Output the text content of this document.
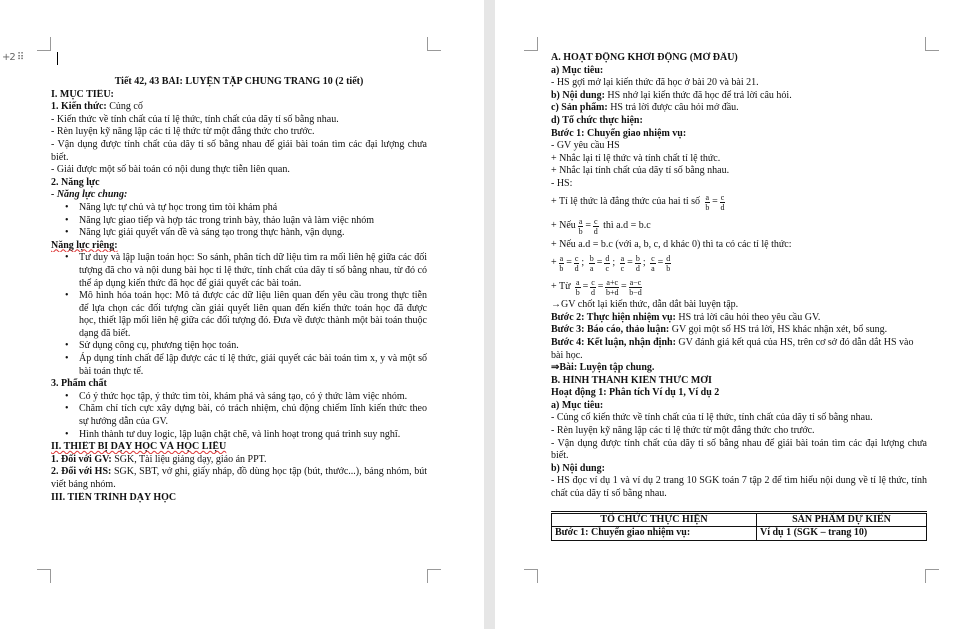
+2 ⠿
Tiết 42, 43 BÀI: LUYỆN TẬP CHUNG TRANG 10 (2 tiết)
I. MỤC TIÊU:
1. Kiến thức: Củng cố
- Kiến thức về tính chất của tỉ lệ thức, tính chất của dãy tỉ số bằng nhau.
- Rèn luyện kỹ năng lập các tỉ lệ thức từ một đẳng thức cho trước.
- Vận dụng được tính chất của dãy tỉ số bằng nhau để giải bài toán tìm các đại lượng chưa biết.
- Giải được một số bài toán có nội dung thực tiễn liên quan.
2. Năng lực
- Năng lực chung:
• Năng lực tự chủ và tự học trong tìm tòi khám phá
• Năng lực giao tiếp và hợp tác trong trình bày, thảo luận và làm việc nhóm
• Năng lực giải quyết vấn đề và sáng tạo trong thực hành, vận dụng.
Năng lực riêng:
• Tư duy và lập luận toán học: So sánh, phân tích dữ liệu tìm ra mối liên hệ giữa các đối tượng đã cho và nội dung bài học tỉ lệ thức, tính chất của dãy tỉ số bằng nhau, từ đó có thể áp dụng kiến thức đã học để giải quyết các bài toán.
• Mô hình hóa toán học: Mô tả được các dữ liệu liên quan đến yêu cầu trong thực tiễn để lựa chọn các đối tượng cần giải quyết liên quan đến kiến thức toán học đã được học, thiết lập mối liên hệ giữa các đối tượng đó. Đưa về được thành một bài toán thuộc dạng đã biết.
• Sử dụng công cụ, phương tiện học toán.
• Áp dụng tính chất để lập được các tỉ lệ thức, giải quyết các bài toán tìm x, y và một số bài toán thực tế.
3. Phẩm chất
• Có ý thức học tập, ý thức tìm tòi, khám phá và sáng tạo, có ý thức làm việc nhóm.
• Chăm chỉ tích cực xây dựng bài, có trách nhiệm, chủ động chiếm lĩnh kiến thức theo sự hướng dẫn của GV.
• Hình thành tư duy logic, lập luận chặt chẽ, và linh hoạt trong quá trình suy nghĩ.
II. THIẾT BỊ DẠY HỌC VÀ HỌC LIỆU
1. Đối với GV: SGK, Tài liệu giảng dạy, giáo án PPT.
2. Đối với HS: SGK, SBT, vở ghi, giấy nháp, đồ dùng học tập (bút, thước...), bảng nhóm, bút viết bảng nhóm.
III. TIẾN TRÌNH DẠY HỌC
A. HOẠT ĐỘNG KHỞI ĐỘNG (MỞ ĐẦU)
a) Mục tiêu:
- HS gợi mở lại kiến thức đã học ở bài 20 và bài 21.
b) Nội dung: HS nhớ lại kiến thức đã học để trả lời câu hỏi.
c) Sản phẩm: HS trả lời được câu hỏi mở đầu.
d) Tổ chức thực hiện:
Bước 1: Chuyển giao nhiệm vụ:
- GV yêu cầu HS
+ Nhắc lại tỉ lệ thức và tính chất tỉ lệ thức.
+ Nhắc lại tính chất của dãy tỉ số bằng nhau.
- HS:
+ Tỉ lệ thức là đẳng thức của hai tỉ số
$\frac{a}{b} = \frac{c}{d}$
+ Nếu $\frac{a}{b} = \frac{c}{d}$
thì a.d = b.c
+ Nếu a.d = b.c (với a, b, c, d khác 0) thì ta có các tỉ lệ thức:
+ $\frac{a}{b} = \frac{c}{d}$ ;
$\frac{b}{a} = \frac{d}{c}$ ;
$\frac{a}{c} = \frac{b}{d}$ ;
$\frac{c}{a} = \frac{d}{b}$
+ Từ
$\frac{a}{b} = \frac{c}{d} = \frac{a+c}{b+d} = \frac{a-c}{b-d}$
→GV chốt lại kiến thức, dẫn dắt bài luyện tập.
Bước 2: Thực hiện nhiệm vụ: HS trả lời câu hỏi theo yêu cầu GV.
Bước 3: Báo cáo, thảo luận: GV gọi một số HS trả lời, HS khác nhận xét, bổ sung.
Bước 4: Kết luận, nhận định: GV đánh giá kết quả của HS, trên cơ sở đó dẫn dắt HS vào bài học.
⇒Bài: Luyện tập chung.
B. HÌNH THÀNH KIẾN THỨC MỚI
Hoạt động 1: Phân tích Ví dụ 1, Ví dụ 2
a) Mục tiêu:
- Củng cố kiến thức về tính chất của tỉ lệ thức, tính chất của dãy tỉ số bằng nhau.
- Rèn luyện kỹ năng lập các tỉ lệ thức từ một đẳng thức cho trước.
- Vận dụng được tính chất của dãy tỉ số bằng nhau để giải bài toán tìm các đại lượng chưa biết.
b) Nội dung:
- HS đọc ví dụ 1 và ví dụ 2 trang 10 SGK toán 7 tập 2 để tìm hiểu nội dung về tỉ lệ thức, tính chất của dãy tỉ số bằng nhau.
TỔ CHỨC THỰC HIỆN	SẢN PHẨM DỰ KIẾN
Bước 1: Chuyển giao nhiệm vụ:	Ví dụ 1 (SGK – trang 10)
